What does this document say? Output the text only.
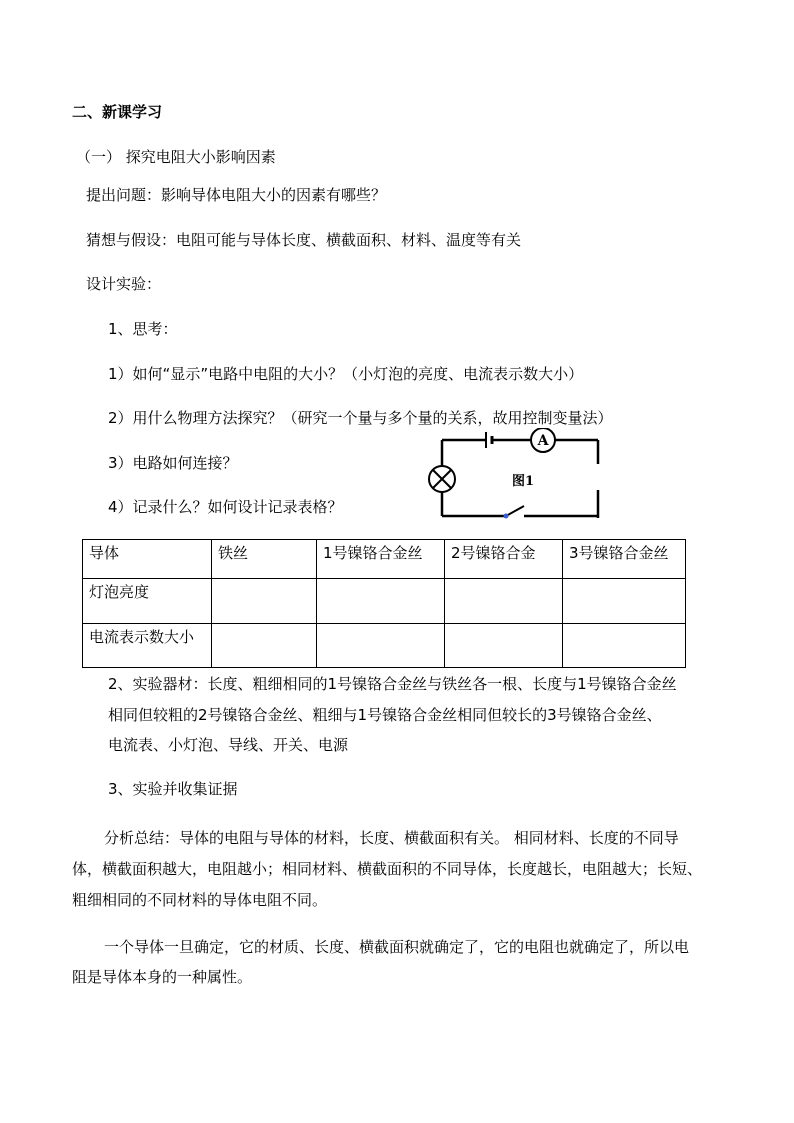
二、新课学习
（一） 探究电阻大小影响因素
提出问题：影响导体电阻大小的因素有哪些？
猜想与假设：电阻可能与导体长度、横截面积、材料、温度等有关
设计实验：
1、思考：
1）如何“显示”电路中电阻的大小？（小灯泡的亮度、电流表示数大小）
2）用什么物理方法探究？（研究一个量与多个量的关系，故用控制变量法）
3）电路如何连接？
4）记录什么？如何设计记录表格？
A
图1
导体	铁丝	1号镍铬合金丝	2号镍铬合金	3号镍铬合金丝
灯泡亮度				
电流表示数大小				
2、实验器材：长度、粗细相同的1号镍铬合金丝与铁丝各一根、长度与1号镍铬合金丝
相同但较粗的2号镍铬合金丝、粗细与1号镍铬合金丝相同但较长的3号镍铬合金丝、
电流表、小灯泡、导线、开关、电源
3、实验并收集证据
分析总结：导体的电阻与导体的材料，长度、横截面积有关。 相同材料、长度的不同导
体，横截面积越大，电阻越小；相同材料、横截面积的不同导体，长度越长，电阻越大；长短、
粗细相同的不同材料的导体电阻不同。
一个导体一旦确定，它的材质、长度、横截面积就确定了，它的电阻也就确定了，所以电
阻是导体本身的一种属性。
